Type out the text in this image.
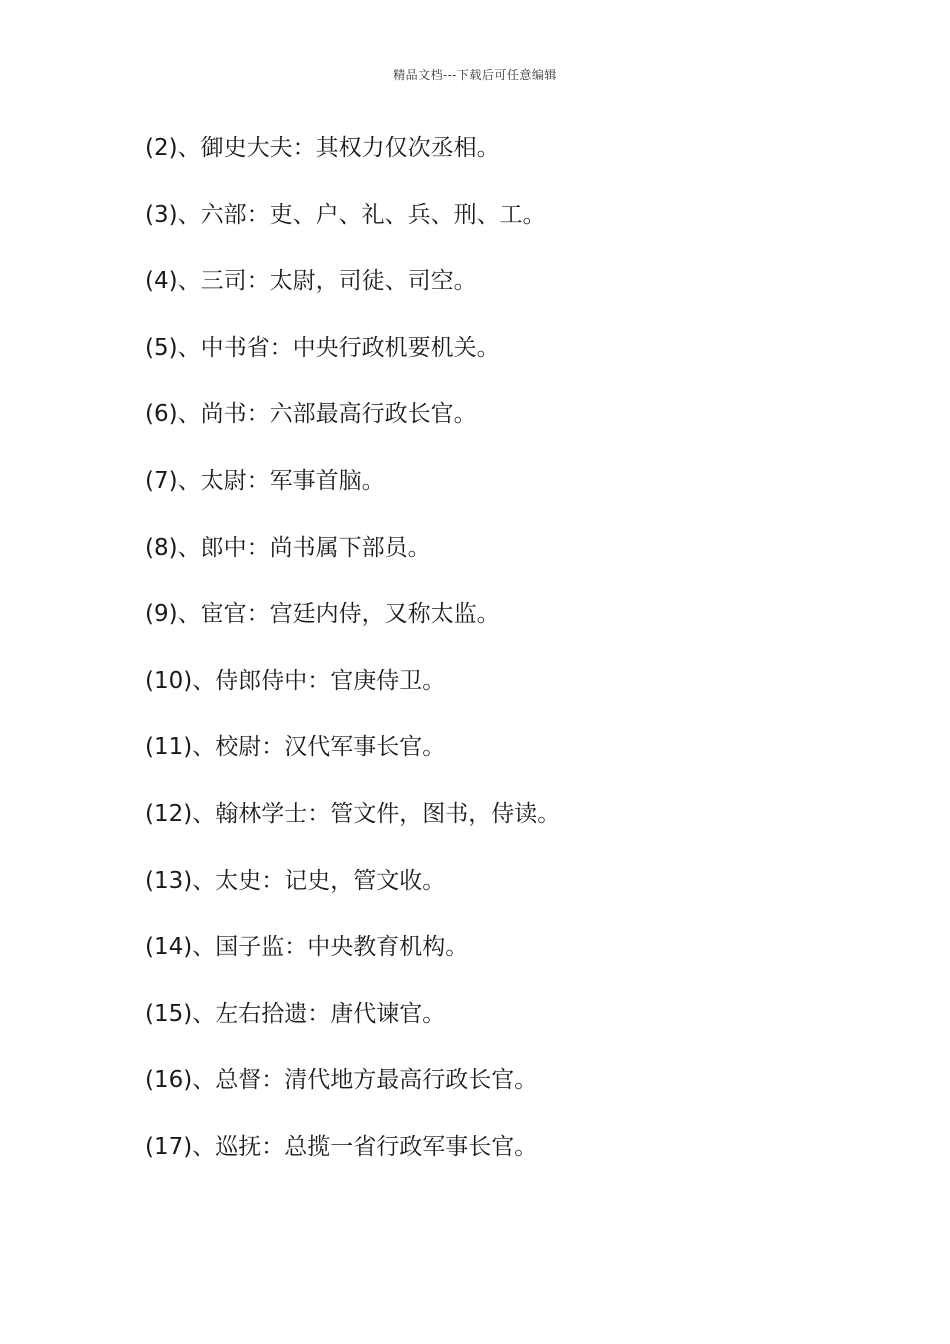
精品文档---下载后可任意编辑
(2)、御史大夫：其权力仅次丞相。
(3)、六部：吏、户、礼、兵、刑、工。
(4)、三司：太尉，司徒、司空。
(5)、中书省：中央行政机要机关。
(6)、尚书：六部最高行政长官。
(7)、太尉：军事首脑。
(8)、郎中：尚书属下部员。
(9)、宦官：宫廷内侍，又称太监。
(10)、侍郎侍中：官庚侍卫。
(11)、校尉：汉代军事长官。
(12)、翰林学士：管文件，图书，侍读。
(13)、太史：记史，管文收。
(14)、国子监：中央教育机构。
(15)、左右拾遗：唐代谏官。
(16)、总督：清代地方最高行政长官。
(17)、巡抚：总揽一省行政军事长官。
